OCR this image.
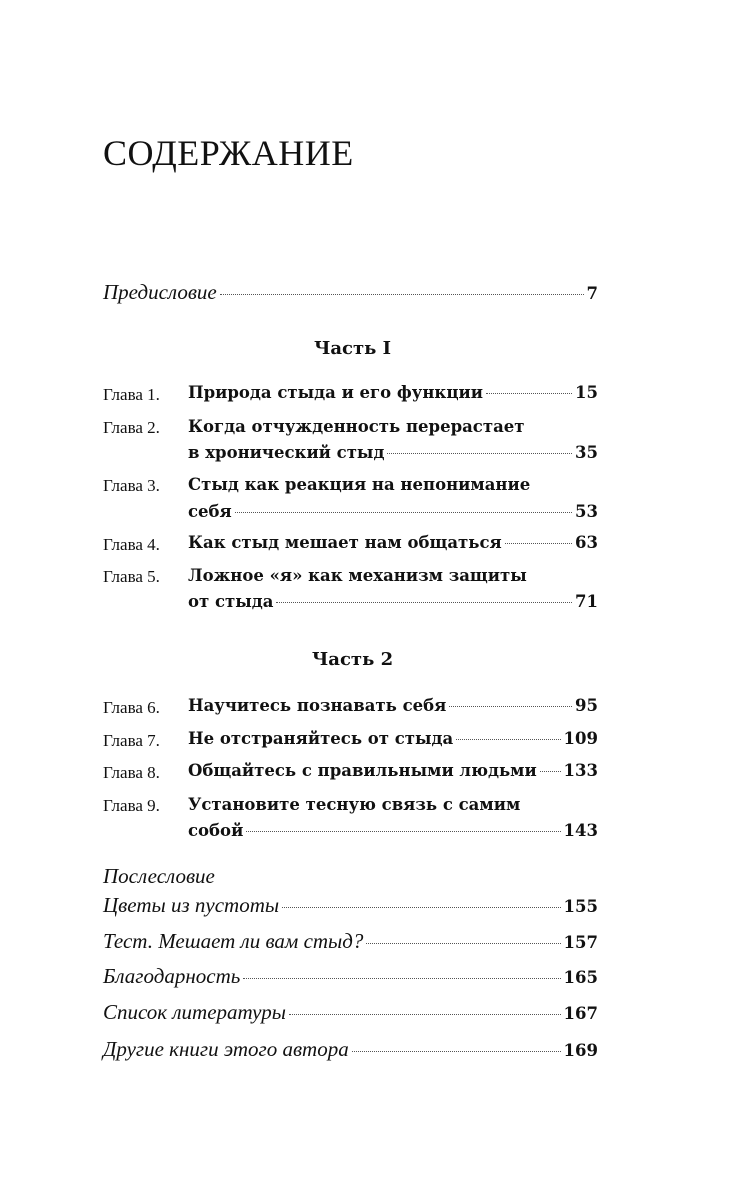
СОДЕРЖАНИЕ
Предисловие	7
Часть I
Глава 1. Природа стыда и его функции	15
Глава 2. Когда отчужденность перерастает
в хронический стыд	35
Глава 3. Стыд как реакция на непонимание
себя	53
Глава 4. Как стыд мешает нам общаться	63
Глава 5. Ложное «я» как механизм защиты
от стыда	71
Часть 2
Глава 6. Научитесь познавать себя	95
Глава 7. Не отстраняйтесь от стыда	109
Глава 8. Общайтесь с правильными людьми 133
Глава 9. Установите тесную связь с самим
собой	143
Послесловие
Цветы из пустоты	155
Тест. Мешает ли вам стыд?	157
Благодарность	165
Список литературы	167
Другие книги этого автора	169
